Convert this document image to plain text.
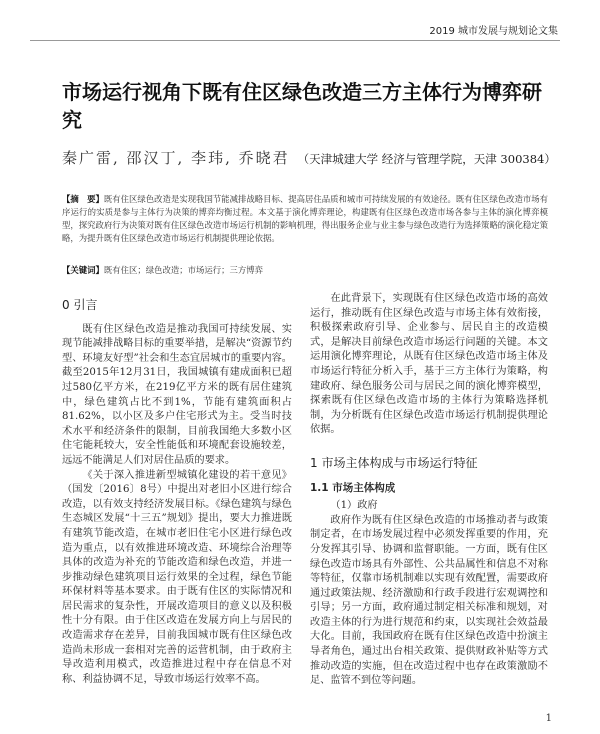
2019 城市发展与规划论文集
市场运行视角下既有住区绿色改造三方主体行为博弈研究
秦广雷, 邵汉丁, 李玮, 乔晓君 （天津城建大学 经济与管理学院，天津 300384）
【摘　要】既有住区绿色改造是实现我国节能减排战略目标、提高居住品质和城市可持续发展的有效途径。既有住区绿色改造市场有序运行的实质是参与主体行为决策的博弈均衡过程。本文基于演化博弈理论，构建既有住区绿色改造市场各参与主体的演化博弈模型，探究政府行为决策对既有住区绿色改造市场运行机制的影响机理，得出服务企业与业主参与绿色改造行为选择策略的演化稳定策略，为提升既有住区绿色改造市场运行机制提供理论依据。
【关键词】既有住区；绿色改造；市场运行；三方博弈

0 引言

既有住区绿色改造是推动我国可持续发展、实现节能减排战略目标的重要举措，是解决“资源节约型、环境友好型”社会和生态宜居城市的重要内容。截至2015年12月31日，我国城镇有建成面积已超过580亿平方米，在219亿平方米的既有居住建筑中，绿色建筑占比不到1%，节能有建筑面积占81.62%，以小区及多户住宅形式为主。受当时技术水平和经济条件的限制，目前我国绝大多数小区住宅能耗较大，安全性能低和环境配套设施较差，远远不能满足人们对居住品质的要求。

《关于深入推进新型城镇化建设的若干意见》（国发〔2016〕8号）中提出对老旧小区进行综合改造，以有效支持经济发展目标。《绿色建筑与绿色生态城区发展“十三五”规划》提出，要大力推进既有建筑节能改造，在城市老旧住宅小区进行绿色改造为重点，以有效推进环境改造、环境综合治理等具体的改造为补充的节能改造和绿色改造，并进一步推动绿色建筑项目运行效果的全过程，绿色节能环保材料等基本要求。由于既有住区的实际情况和居民需求的复杂性，开展改造项目的意义以及积极性十分有限。由于住区改造在发展方向上与居民的改造需求存在差异，目前我国城市既有住区绿色改造尚未形成一套相对完善的运营机制，由于政府主导改造利用模式，改造推进过程中存在信息不对称、利益协调不足，导致市场运行效率不高。

在此背景下，实现既有住区绿色改造市场的高效运行，推动既有住区绿色改造与市场主体有效衔接，积极探索政府引导、企业参与、居民自主的改造模式，是解决目前绿色改造市场运行问题的关键。本文运用演化博弈理论，从既有住区绿色改造市场主体及市场运行特征分析入手，基于三方主体行为策略，构建政府、绿色服务公司与居民之间的演化博弈模型，探索既有住区绿色改造市场的主体行为策略选择机制，为分析既有住区绿色改造市场运行机制提供理论依据。

1 市场主体构成与市场运行特征

1.1 市场主体构成

（1）政府

政府作为既有住区绿色改造的市场推动者与政策制定者，在市场发展过程中必须发挥重要的作用，充分发挥其引导、协调和监督职能。一方面，既有住区绿色改造市场具有外部性、公共品属性和信息不对称等特征，仅靠市场机制难以实现有效配置，需要政府通过政策法规、经济激励和行政手段进行宏观调控和引导；另一方面，政府通过制定相关标准和规划，对改造主体的行为进行规范和约束，以实现社会效益最大化。目前，我国政府在既有住区绿色改造中扮演主导者角色，通过出台相关政策、提供财政补贴等方式推动改造的实施，但在改造过程中也存在政策激励不足、监管不到位等问题。

1
